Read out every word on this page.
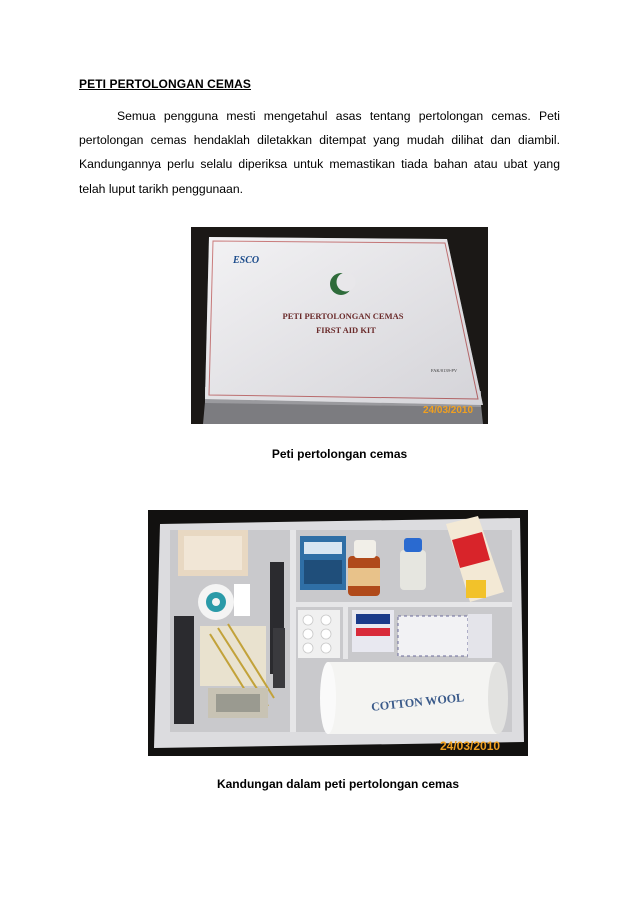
PETI PERTOLONGAN CEMAS
Semua pengguna mesti mengetahul asas tentang pertolongan cemas. Peti pertolongan cemas hendaklah diletakkan ditempat yang mudah dilihat dan diambil. Kandungannya perlu selalu diperiksa untuk memastikan tiada bahan atau ubat yang telah luput tarikh penggunaan.
ESCO
PETI PERTOLONGAN CEMAS
FIRST AID KIT
FAK/0139-PV
24/03/2010
Peti pertolongan cemas
COTTON WOOL
24/03/2010
Kandungan dalam peti pertolongan cemas
